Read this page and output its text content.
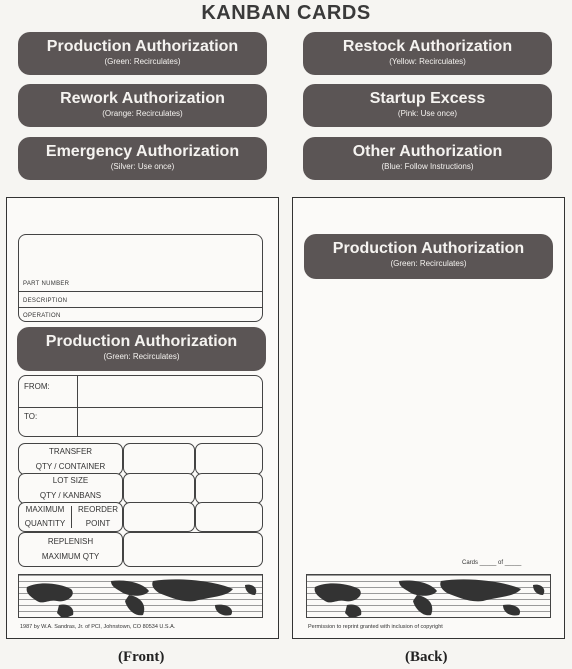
KANBAN CARDS
Production Authorization
(Green: Recirculates)
Restock Authorization
(Yellow: Recirculates)
Rework Authorization
(Orange: Recirculates)
Startup Excess
(Pink: Use once)
Emergency Authorization
(Silver: Use once)
Other Authorization
(Blue: Follow Instructions)
PART NUMBER
DESCRIPTION
OPERATION
Production Authorization
(Green: Recirculates)
FROM:
TO:
TRANSFER
QTY / CONTAINER
LOT SIZE
QTY / KANBANS
MAXIMUM
QUANTITY
REORDER
POINT
REPLENISH
MAXIMUM QTY
1987 by W.A. Sandras, Jr. of PCI, Johnstown, CO 80534 U.S.A.
Production Authorization
(Green: Recirculates)
Cards _____ of _____
Permission to reprint granted with inclusion of copyright
(Front)	(Back)
